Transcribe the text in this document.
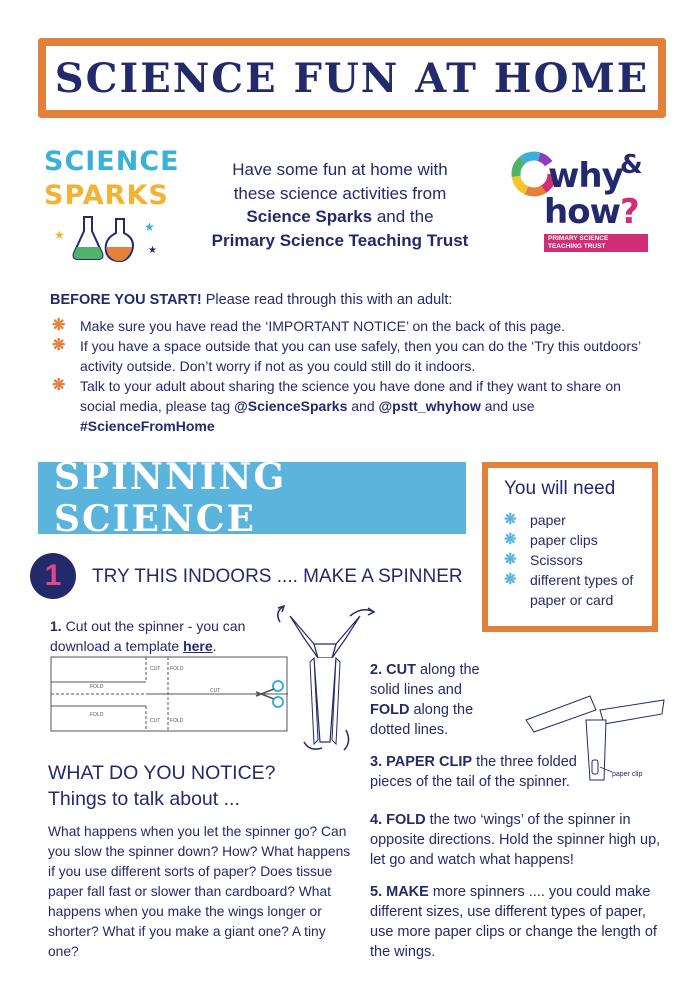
SCIENCE FUN AT HOME
SCIENCE
SPARKS
★
★
★
Have some fun at home with
these science activities from
Science Sparks and the
Primary Science Teaching Trust
why
&
how?
PRIMARY SCIENCE TEACHING TRUST
BEFORE YOU START! Please read through this with an adult:
❋ Make sure you have read the ‘IMPORTANT NOTICE’ on the back of this page.
❋ If you have a space outside that you can use safely, then you can do the ‘Try this outdoors’ activity outside. Don’t worry if not as you could still do it indoors.
❋ Talk to your adult about sharing the science you have done and if they want to share on social media, please tag @ScienceSparks and @pstt_whyhow and use #ScienceFromHome
SPINNING SCIENCE
You will need
❋ paper
❋ paper clips
❋ Scissors
❋ different types of paper or card
1	TRY THIS INDOORS .... MAKE A SPINNER
1. Cut out the spinner - you can download a template here.
FOLD
FOLD
CUT
CUT FOLD
CUT FOLD
paper clip
2. CUT along the solid lines and FOLD along the dotted lines.
3. PAPER CLIP the three folded pieces of the tail of the spinner.
4. FOLD the two ‘wings’ of the spinner in opposite directions. Hold the spinner high up, let go and watch what happens!
5. MAKE more spinners .... you could make different sizes, use different types of paper, use more paper clips or change the length of the wings.
WHAT DO YOU NOTICE?
Things to talk about ...
What happens when you let the spinner go? Can you slow the spinner down? How? What happens if you use different sorts of paper? Does tissue paper fall fast or slower than cardboard? What happens when you make the wings longer or shorter? What if you make a giant one? A tiny one?
